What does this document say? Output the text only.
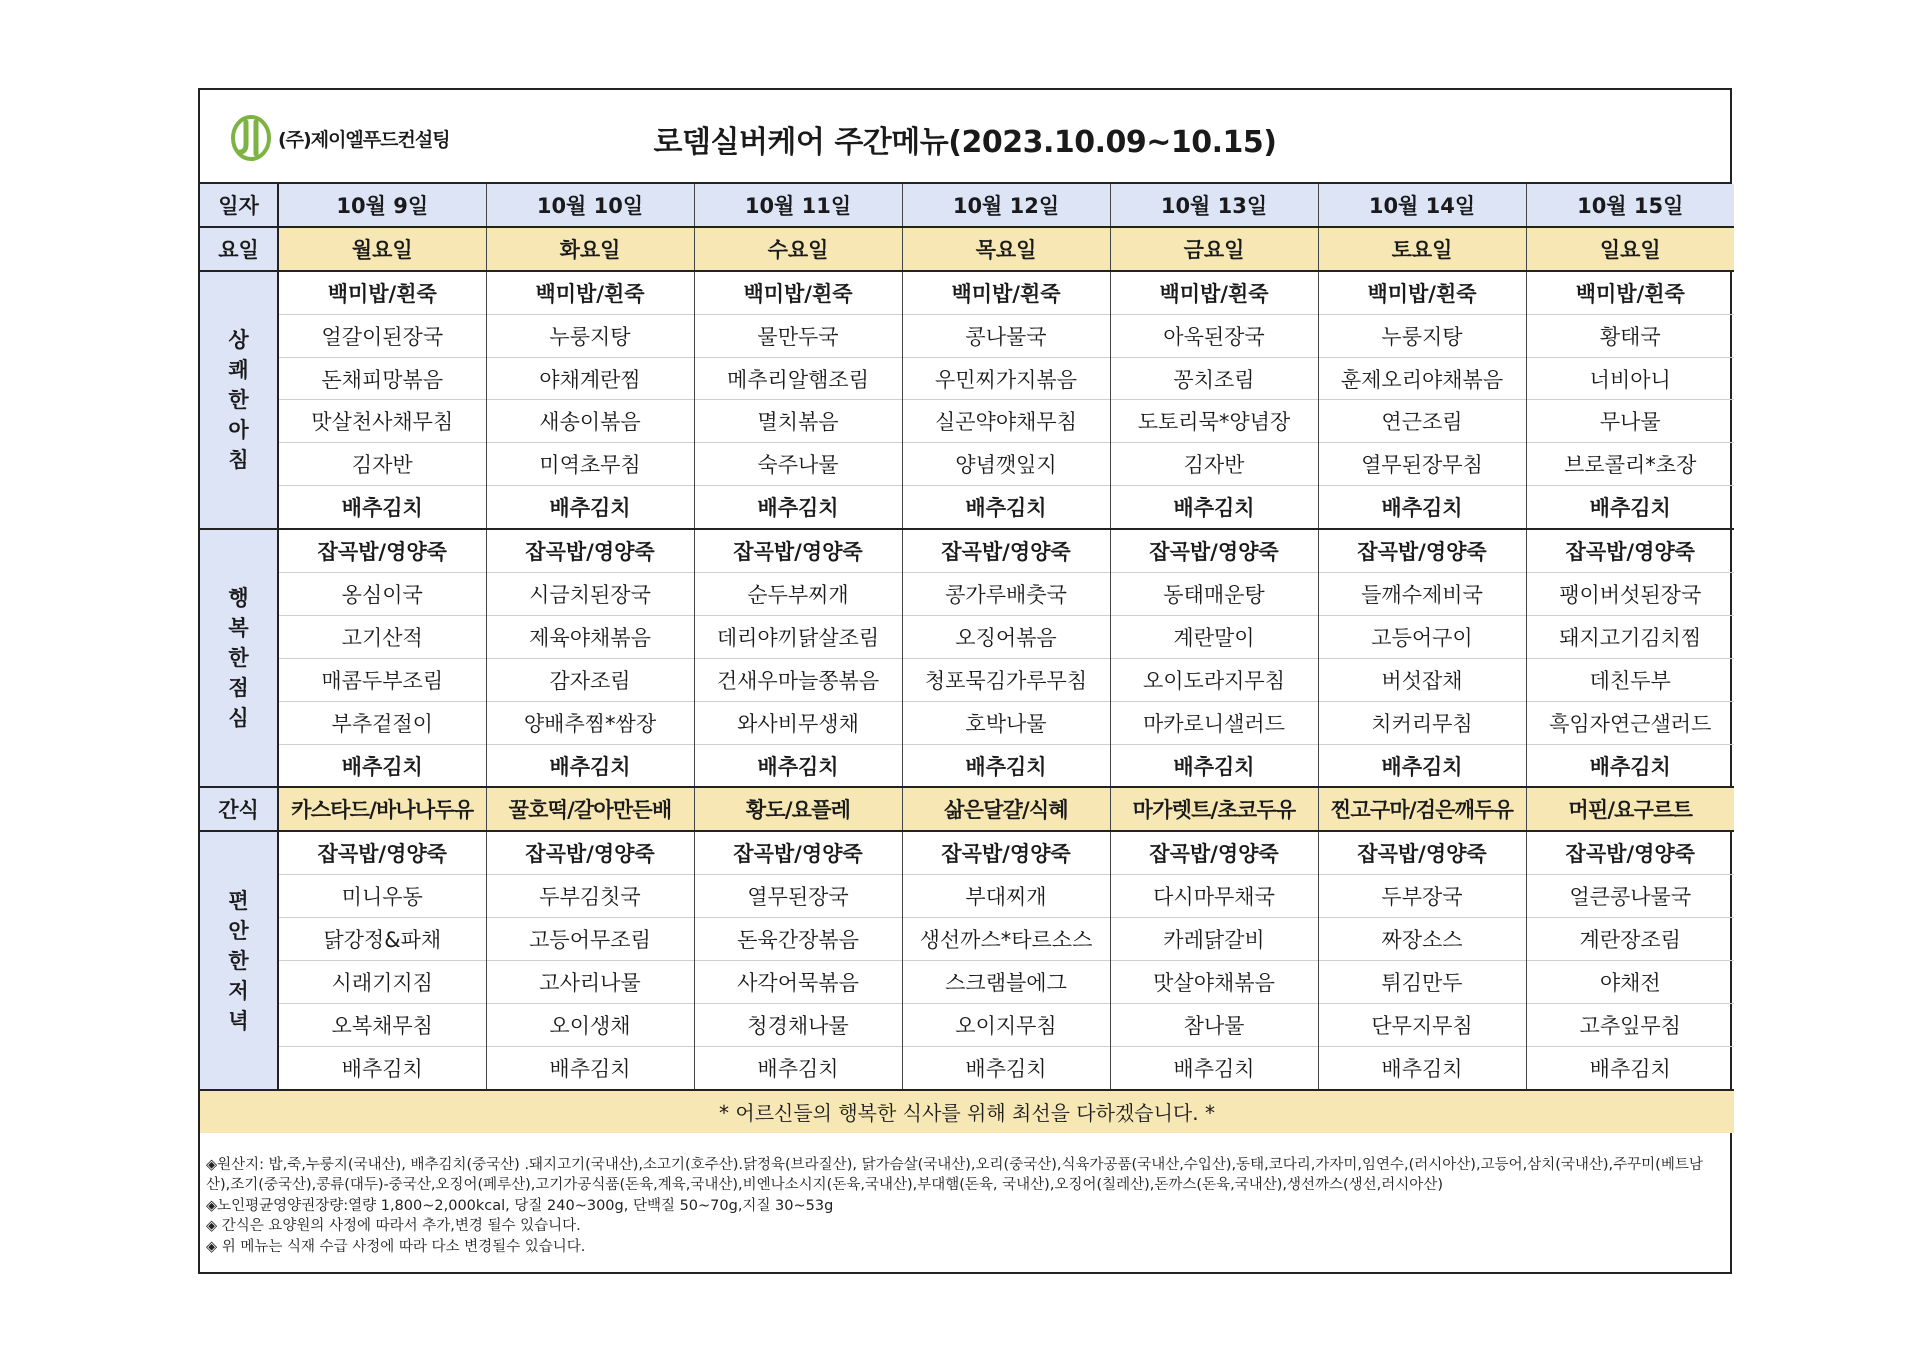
(주)제이엘푸드컨설팅	로뎀실버케어 주간메뉴(2023.10.09~10.15)
일자	10월 9일	10월 10일	10월 11일	10월 12일	10월 13일	10월 14일	10월 15일
요일	월요일	화요일	수요일	목요일	금요일	토요일	일요일
상쾌한아침	백미밥/흰죽	백미밥/흰죽	백미밥/흰죽	백미밥/흰죽	백미밥/흰죽	백미밥/흰죽	백미밥/흰죽
	얼갈이된장국	누룽지탕	물만두국	콩나물국	아욱된장국	누룽지탕	황태국
	돈채피망볶음	야채계란찜	메추리알햄조림	우민찌가지볶음	꽁치조림	훈제오리야채볶음	너비아니
	맛살천사채무침	새송이볶음	멸치볶음	실곤약야채무침	도토리묵*양념장	연근조림	무나물
	김자반	미역초무침	숙주나물	양념깻잎지	김자반	열무된장무침	브로콜리*초장
	배추김치	배추김치	배추김치	배추김치	배추김치	배추김치	배추김치
행복한점심	잡곡밥/영양죽	잡곡밥/영양죽	잡곡밥/영양죽	잡곡밥/영양죽	잡곡밥/영양죽	잡곡밥/영양죽	잡곡밥/영양죽
	옹심이국	시금치된장국	순두부찌개	콩가루배춧국	동태매운탕	들깨수제비국	팽이버섯된장국
	고기산적	제육야채볶음	데리야끼닭살조림	오징어볶음	계란말이	고등어구이	돼지고기김치찜
	매콤두부조림	감자조림	건새우마늘쫑볶음	청포묵김가루무침	오이도라지무침	버섯잡채	데친두부
	부추겉절이	양배추찜*쌈장	와사비무생채	호박나물	마카로니샐러드	치커리무침	흑임자연근샐러드
	배추김치	배추김치	배추김치	배추김치	배추김치	배추김치	배추김치
간식	카스타드/바나나두유	꿀호떡/갈아만든배	황도/요플레	삶은달걀/식혜	마가렛트/초코두유	찐고구마/검은깨두유	머핀/요구르트
편안한저녁	잡곡밥/영양죽	잡곡밥/영양죽	잡곡밥/영양죽	잡곡밥/영양죽	잡곡밥/영양죽	잡곡밥/영양죽	잡곡밥/영양죽
	미니우동	두부김칫국	열무된장국	부대찌개	다시마무채국	두부장국	얼큰콩나물국
	닭강정&파채	고등어무조림	돈육간장볶음	생선까스*타르소스	카레닭갈비	짜장소스	계란장조림
	시래기지짐	고사리나물	사각어묵볶음	스크램블에그	맛살야채볶음	튀김만두	야채전
	오복채무침	오이생채	청경채나물	오이지무침	참나물	단무지무침	고추잎무침
	배추김치	배추김치	배추김치	배추김치	배추김치	배추김치	배추김치
* 어르신들의 행복한 식사를 위해 최선을 다하겠습니다. *							
◈원산지: 밥,죽,누룽지(국내산), 배추김치(중국산) .돼지고기(국내산),소고기(호주산).닭정육(브라질산), 닭가슴살(국내산),오리(중국산),식육가공품(국내산,수입산),동태,코다리,가자미,임연수,(러시아산),고등어,삼치(국내산),주꾸미(베트남산),조기(중국산),콩류(대두)-중국산,오징어(페루산),고기가공식품(돈육,계육,국내산),비엔나소시지(돈육,국내산),부대햄(돈육, 국내산),오징어(칠레산),돈까스(돈육,국내산),생선까스(생선,러시아산)
◈노인평균영양권장량:열량 1,800~2,000kcal, 당질 240~300g, 단백질 50~70g,지질 30~53g
◈ 간식은 요양원의 사정에 따라서 추가,변경 될수 있습니다.
◈ 위 메뉴는 식재 수급 사정에 따라 다소 변경될수 있습니다.
